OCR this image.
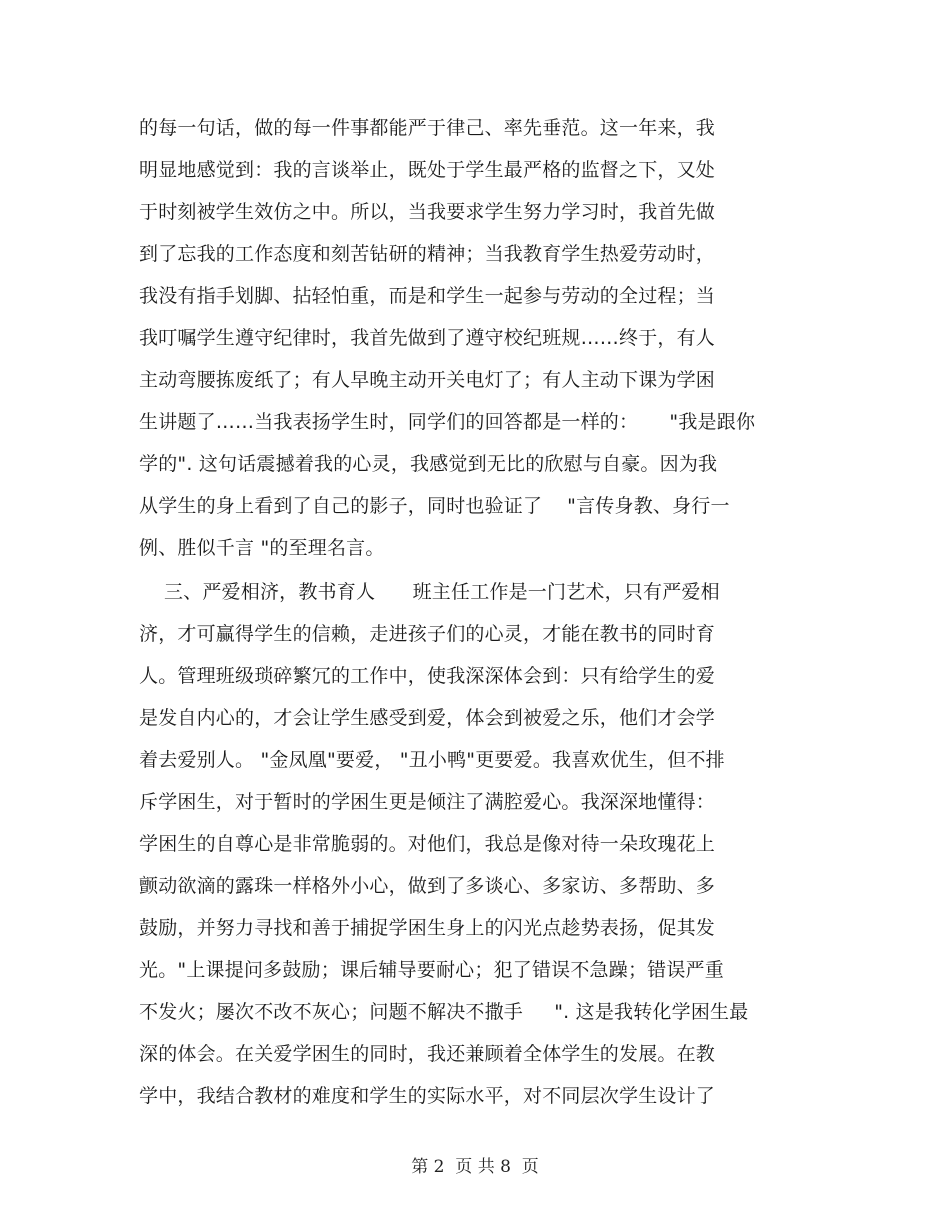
的每一句话，做的每一件事都能严于律己、率先垂范。这一年来，我
明显地感觉到：我的言谈举止，既处于学生最严格的监督之下，又处
于时刻被学生效仿之中。所以，当我要求学生努力学习时，我首先做
到了忘我的工作态度和刻苦钻研的精神；当我教育学生热爱劳动时，
我没有指手划脚、拈轻怕重，而是和学生一起参与劳动的全过程；当
我叮嘱学生遵守纪律时，我首先做到了遵守校纪班规……终于，有人
主动弯腰拣废纸了；有人早晚主动开关电灯了；有人主动下课为学困
生讲题了……当我表扬学生时，同学们的回答都是一样的：     "我是跟你
学的". 这句话震撼着我的心灵，我感觉到无比的欣慰与自豪。因为我
从学生的身上看到了自己的影子，同时也验证了    "言传身教、身行一
例、胜似千言 "的至理名言。
三、严爱相济，教书育人      班主任工作是一门艺术，只有严爱相
济，才可赢得学生的信赖，走进孩子们的心灵，才能在教书的同时育
人。管理班级琐碎繁冗的工作中，使我深深体会到：只有给学生的爱
是发自内心的，才会让学生感受到爱，体会到被爱之乐，他们才会学
着去爱别人。 "金凤凰"要爱， "丑小鸭"更要爱。我喜欢优生，但不排
斥学困生，对于暂时的学困生更是倾注了满腔爱心。我深深地懂得：
学困生的自尊心是非常脆弱的。对他们，我总是像对待一朵玫瑰花上
颤动欲滴的露珠一样格外小心，做到了多谈心、多家访、多帮助、多
鼓励，并努力寻找和善于捕捉学困生身上的闪光点趁势表扬，促其发
光。"上课提问多鼓励；课后辅导要耐心；犯了错误不急躁；错误严重
不发火；屡次不改不灰心；问题不解决不撒手     ". 这是我转化学困生最
深的体会。在关爱学困生的同时，我还兼顾着全体学生的发展。在教
学中，我结合教材的难度和学生的实际水平，对不同层次学生设计了
第 2  页 共 8  页
